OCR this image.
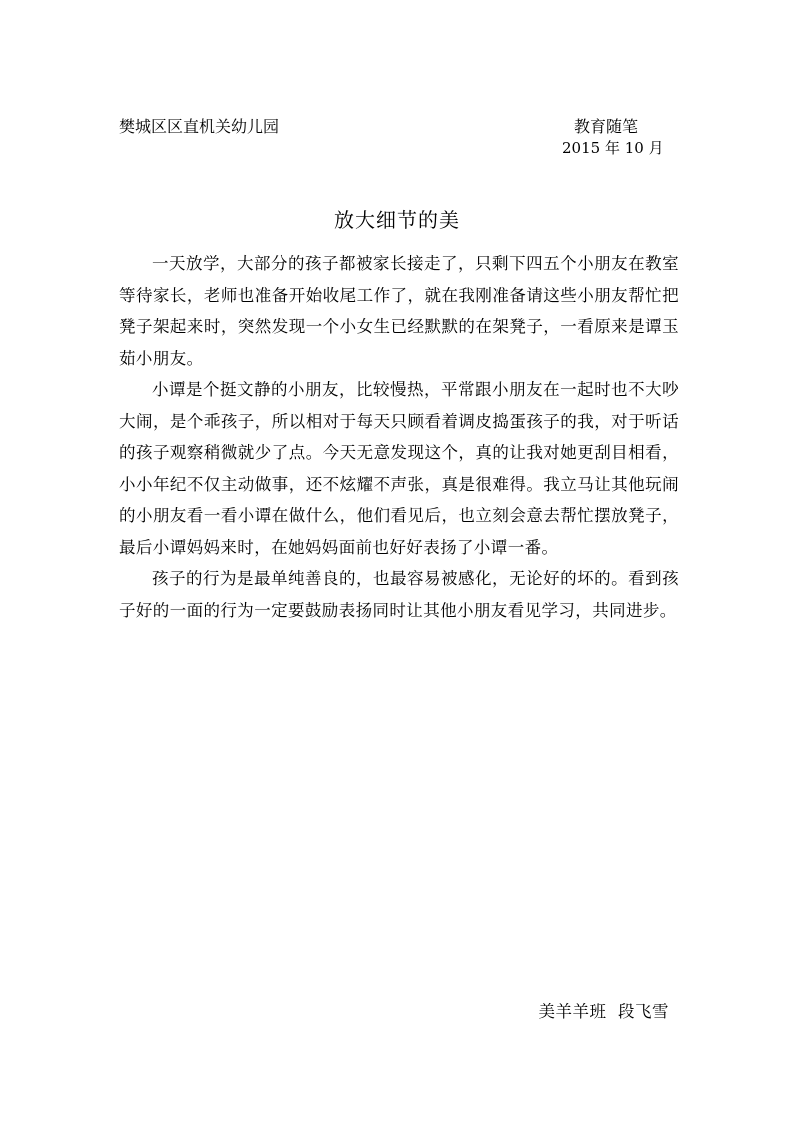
樊城区区直机关幼儿园	教育随笔
2015 年 10 月
放大细节的美

一天放学，大部分的孩子都被家长接走了，只剩下四五个小朋友在教室等待家长，老师也准备开始收尾工作了，就在我刚准备请这些小朋友帮忙把凳子架起来时，突然发现一个小女生已经默默的在架凳子，一看原来是谭玉茹小朋友。

小谭是个挺文静的小朋友，比较慢热，平常跟小朋友在一起时也不大吵大闹，是个乖孩子，所以相对于每天只顾看着调皮捣蛋孩子的我，对于听话的孩子观察稍微就少了点。今天无意发现这个，真的让我对她更刮目相看，小小年纪不仅主动做事，还不炫耀不声张，真是很难得。我立马让其他玩闹的小朋友看一看小谭在做什么，他们看见后，也立刻会意去帮忙摆放凳子，最后小谭妈妈来时，在她妈妈面前也好好表扬了小谭一番。

孩子的行为是最单纯善良的，也最容易被感化，无论好的坏的。看到孩子好的一面的行为一定要鼓励表扬同时让其他小朋友看见学习，共同进步。

美羊羊班  段飞雪
